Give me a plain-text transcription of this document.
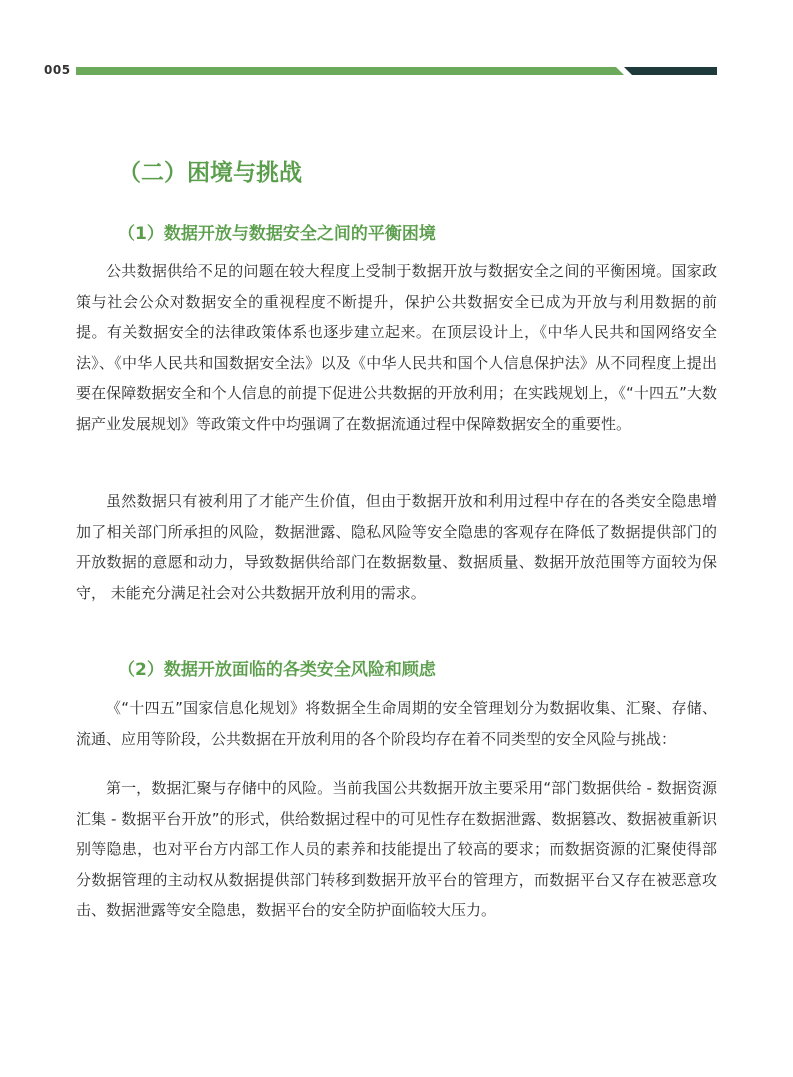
005
（二）困境与挑战
（1）数据开放与数据安全之间的平衡困境

公共数据供给不足的问题在较大程度上受制于数据开放与数据安全之间的平衡困境。国家政策与社会公众对数据安全的重视程度不断提升，保护公共数据安全已成为开放与利用数据的前提。有关数据安全的法律政策体系也逐步建立起来。在顶层设计上，《中华人民共和国网络安全法》、《中华人民共和国数据安全法》以及《中华人民共和国个人信息保护法》从不同程度上提出要在保障数据安全和个人信息的前提下促进公共数据的开放利用；在实践规划上，《“十四五”大数据产业发展规划》等政策文件中均强调了在数据流通过程中保障数据安全的重要性。

虽然数据只有被利用了才能产生价值，但由于数据开放和利用过程中存在的各类安全隐患增加了相关部门所承担的风险，数据泄露、隐私风险等安全隐患的客观存在降低了数据提供部门的开放数据的意愿和动力，导致数据供给部门在数据数量、数据质量、数据开放范围等方面较为保守， 未能充分满足社会对公共数据开放利用的需求。

（2）数据开放面临的各类安全风险和顾虑

《“十四五”国家信息化规划》将数据全生命周期的安全管理划分为数据收集、汇聚、存储、流通、应用等阶段，公共数据在开放利用的各个阶段均存在着不同类型的安全风险与挑战：

第一，数据汇聚与存储中的风险。当前我国公共数据开放主要采用“部门数据供给 - 数据资源汇集 - 数据平台开放”的形式，供给数据过程中的可见性存在数据泄露、数据篡改、数据被重新识别等隐患，也对平台方内部工作人员的素养和技能提出了较高的要求；而数据资源的汇聚使得部分数据管理的主动权从数据提供部门转移到数据开放平台的管理方，而数据平台又存在被恶意攻击、数据泄露等安全隐患，数据平台的安全防护面临较大压力。
